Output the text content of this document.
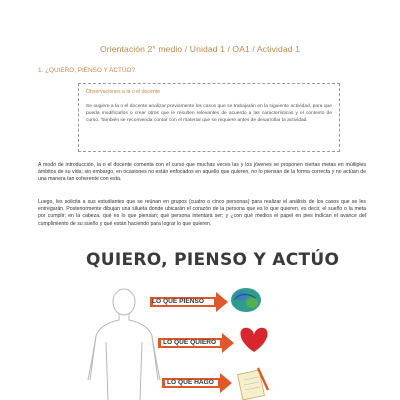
Orientación 2° medio / Unidad 1 / OA1 / Actividad 1
1. ¿QUIERO, PIENSO Y ACTÚO?

Observaciones a la o el docente

Se sugiere a la o el docente analizar previamente los casos que se trabajarán en la siguiente actividad, para que pueda modificarlos o crear otros que le resulten relevantes de acuerdo a las características y el contexto de curso. También se recomienda contar con el material que se requiere antes de desarrollar la actividad.

A modo de introducción, la o el docente comenta con el curso que muchas veces las y los jóvenes se proponen ciertas metas en múltiples ámbitos de su vida; sin embargo, en ocasiones no están enfocados en aquello que quieren, no lo piensan de la forma correcta y no actúan de una manera tan coherente con esta.

Luego, les solicita a sus estudiantes que se reúnan en grupos (cuatro o cinco personas) para realizar el análisis de los casos que se les entregarán. Posteriormente dibujan una silueta donde ubicarán el corazón de la persona que es lo que quieren, es decir, el sueño o la meta por cumplir; en la cabeza, qué es lo que piensan; qué persona intentará ser; y ¿con qué medios el papel en pies indican el avance del cumplimiento de su sueño y qué están haciendo para lograr lo que quieren.

QUIERO, PIENSO Y ACTÚO
LO QUE PIENSO
LO QUE QUIERO
LO QUE HAGO
